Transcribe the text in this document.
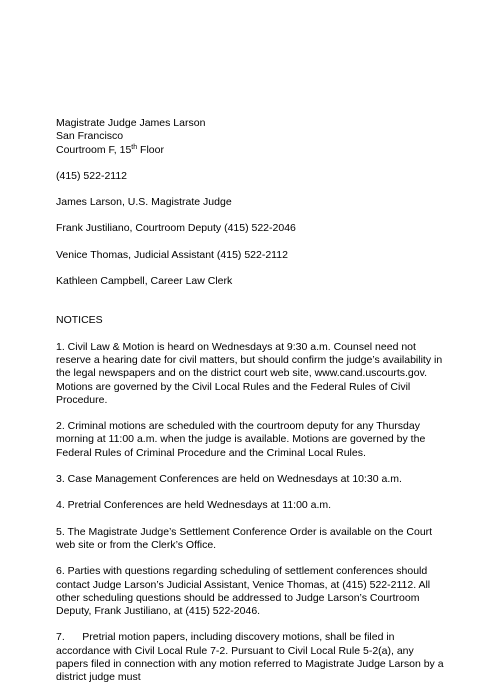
Magistrate Judge James Larson

San Francisco

Courtroom F, 15th Floor

(415) 522-2112

James Larson, U.S. Magistrate Judge

Frank Justiliano, Courtroom Deputy (415) 522-2046

Venice Thomas, Judicial Assistant (415) 522-2112

Kathleen Campbell, Career Law Clerk

NOTICES

1. Civil Law & Motion is heard on Wednesdays at 9:30 a.m. Counsel need not reserve a hearing date for civil matters, but should confirm the judge’s availability in the legal newspapers and on the district court web site, www.cand.uscourts.gov. Motions are governed by the Civil Local Rules and the Federal Rules of Civil Procedure.

2. Criminal motions are scheduled with the courtroom deputy for any Thursday morning at 11:00 a.m. when the judge is available. Motions are governed by the Federal Rules of Criminal Procedure and the Criminal Local Rules.

3. Case Management Conferences are held on Wednesdays at 10:30 a.m.

4. Pretrial Conferences are held Wednesdays at 11:00 a.m.

5. The Magistrate Judge’s Settlement Conference Order is available on the Court web site or from the Clerk’s Office.

6. Parties with questions regarding scheduling of settlement conferences should contact Judge Larson’s Judicial Assistant, Venice Thomas, at (415) 522-2112. All other scheduling questions should be addressed to Judge Larson’s Courtroom Deputy, Frank Justiliano, at (415) 522-2046.

7.      Pretrial motion papers, including discovery motions, shall be filed in accordance with Civil Local Rule 7-2. Pursuant to Civil Local Rule 5-2(a), any papers filed in connection with any motion referred to Magistrate Judge Larson by a district judge must
